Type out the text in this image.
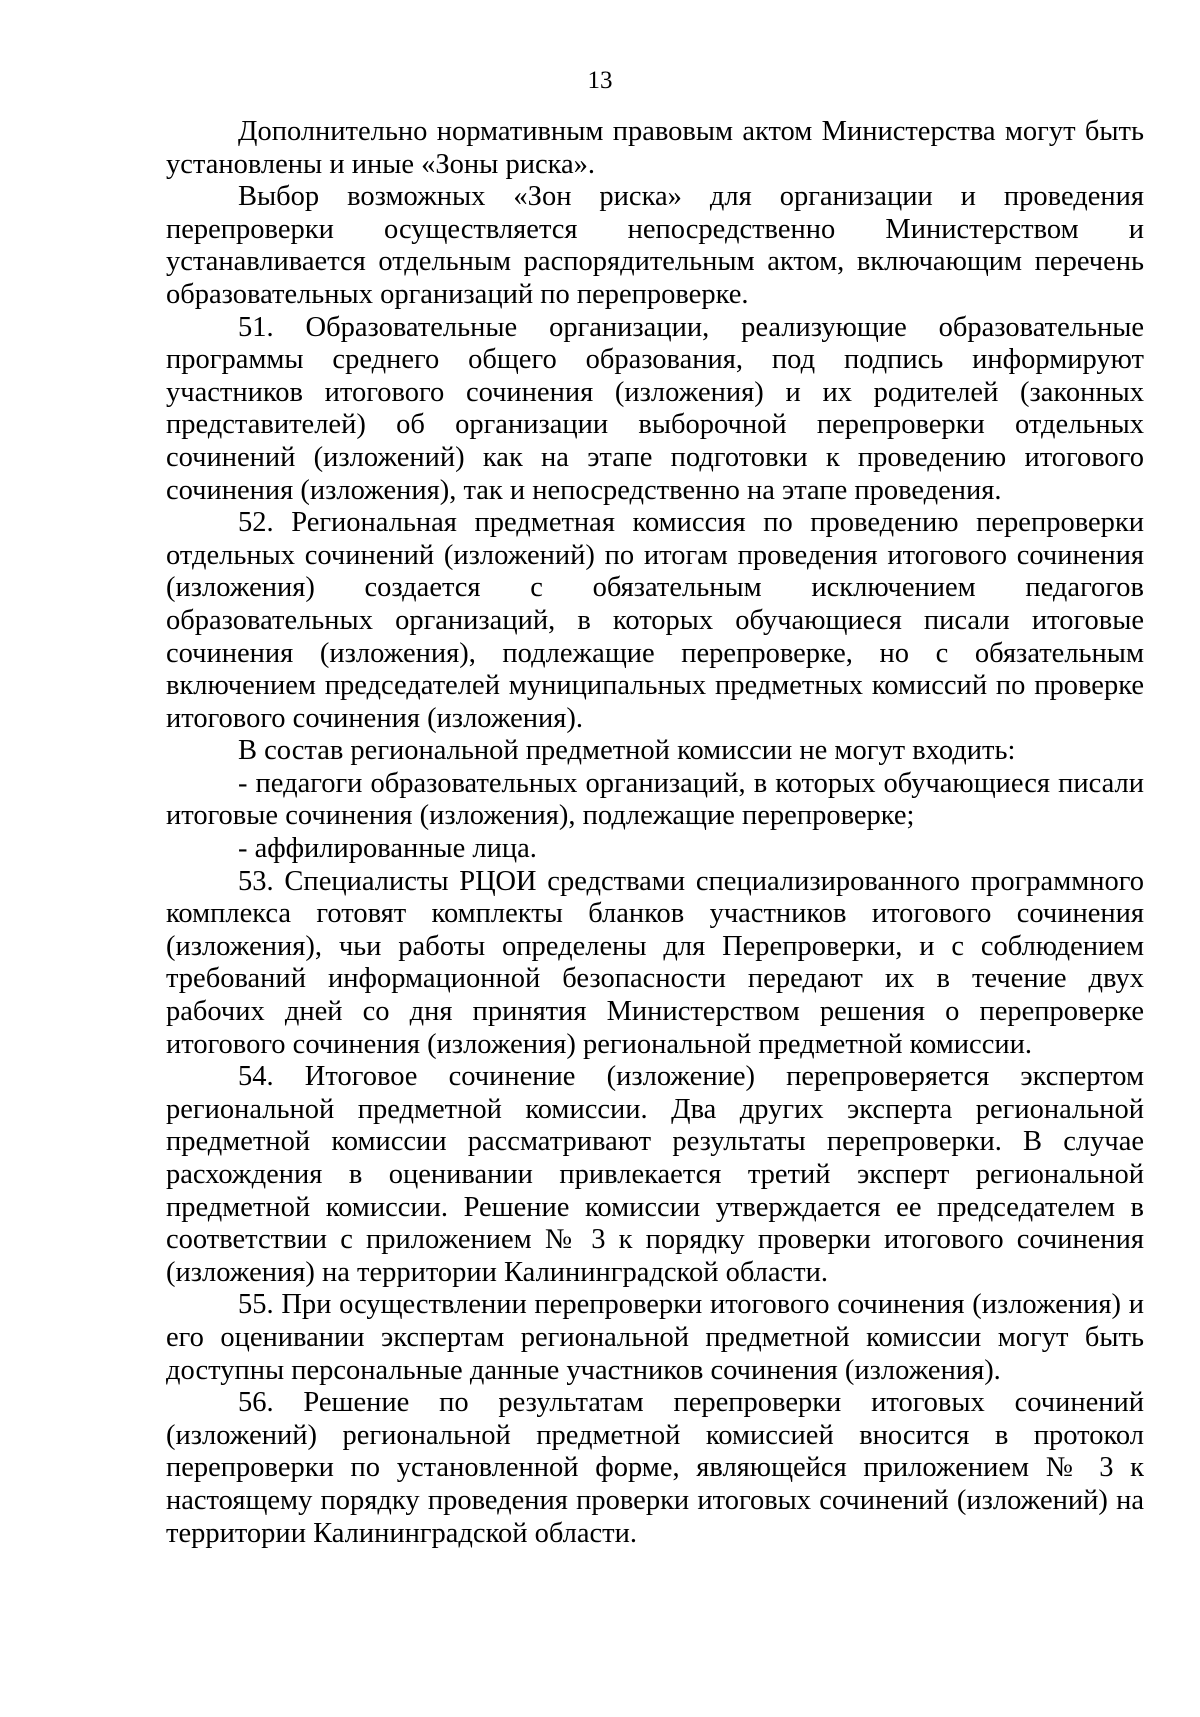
13

Дополнительно нормативным правовым актом Министерства могут быть установлены и иные «Зоны риска».

Выбор возможных «Зон риска» для организации и проведения перепроверки осуществляется непосредственно Министерством и устанавливается отдельным распорядительным актом, включающим перечень образовательных организаций по перепроверке.

51. Образовательные организации, реализующие образовательные программы среднего общего образования, под подпись информируют участников итогового сочинения (изложения) и их родителей (законных представителей) об организации выборочной перепроверки отдельных сочинений (изложений) как на этапе подготовки к проведению итогового сочинения (изложения), так и непосредственно на этапе проведения.

52. Региональная предметная комиссия по проведению перепроверки отдельных сочинений (изложений) по итогам проведения итогового сочинения (изложения) создается с обязательным исключением педагогов образовательных организаций, в которых обучающиеся писали итоговые сочинения (изложения), подлежащие перепроверке, но с обязательным включением председателей муниципальных предметных комиссий по проверке итогового сочинения (изложения).

В состав региональной предметной комиссии не могут входить:

- педагоги образовательных организаций, в которых обучающиеся писали итоговые сочинения (изложения), подлежащие перепроверке;

- аффилированные лица.

53. Специалисты РЦОИ средствами специализированного программного комплекса готовят комплекты бланков участников итогового сочинения (изложения), чьи работы определены для Перепроверки, и с соблюдением требований информационной безопасности передают их в течение двух рабочих дней со дня принятия Министерством решения о перепроверке итогового сочинения (изложения) региональной предметной комиссии.

54. Итоговое сочинение (изложение) перепроверяется экспертом региональной предметной комиссии. Два других эксперта региональной предметной комиссии рассматривают результаты перепроверки. В случае расхождения в оценивании привлекается третий эксперт региональной предметной комиссии. Решение комиссии утверждается ее председателем в соответствии с приложением № 3 к порядку проверки итогового сочинения (изложения) на территории Калининградской области.

55. При осуществлении перепроверки итогового сочинения (изложения) и его оценивании экспертам региональной предметной комиссии могут быть доступны персональные данные участников сочинения (изложения).

56. Решение по результатам перепроверки итоговых сочинений (изложений) региональной предметной комиссией вносится в протокол перепроверки по установленной форме, являющейся приложением № 3 к настоящему порядку проведения проверки итоговых сочинений (изложений) на территории Калининградской области.
